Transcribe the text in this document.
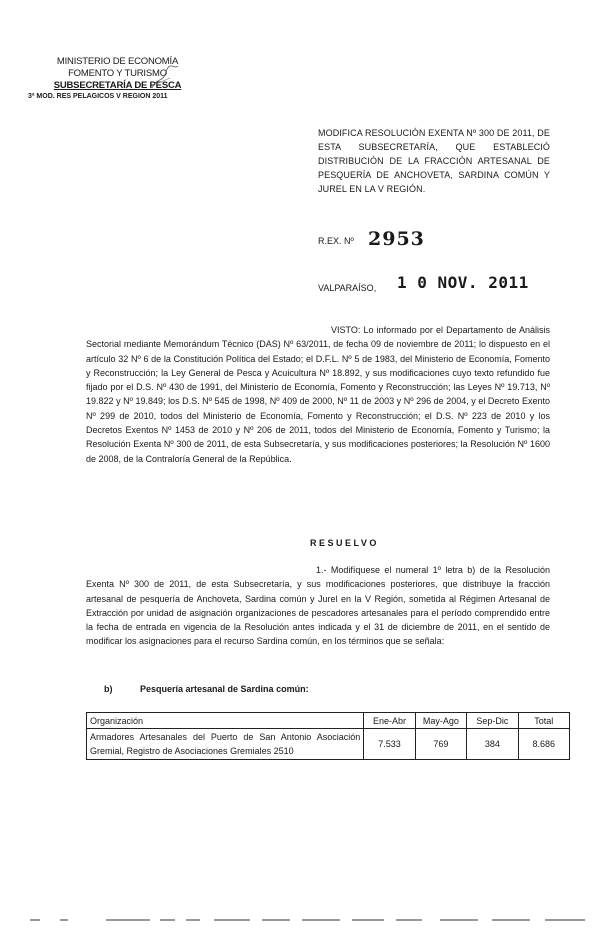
MINISTERIO DE ECONOMÍA
FOMENTO Y TURISMO
SUBSECRETARÍA DE PESCA
3ª MOD. RES PELAGICOS V REGION 2011
MODIFICA RESOLUCIÓN EXENTA Nº 300 DE 2011, DE ESTA SUBSECRETARÍA, QUE ESTABLECIÓ DISTRIBUCIÓN DE LA FRACCIÓN ARTESANAL DE PESQUERÍA DE ANCHOVETA, SARDINA COMÚN Y JUREL EN LA V REGIÓN.
R.EX. Nº 2953
VALPARAÍSO, 1 0 NOV. 2011
VISTO: Lo informado por el Departamento de Análisis Sectorial mediante Memorándum Técnico (DAS) Nº 63/2011, de fecha 09 de noviembre de 2011; lo dispuesto en el artículo 32 Nº 6 de la Constitución Política del Estado; el D.F.L. Nº 5 de 1983, del Ministerio de Economía, Fomento y Reconstrucción; la Ley General de Pesca y Acuicultura Nº 18.892, y sus modificaciones cuyo texto refundido fue fijado por el D.S. Nº 430 de 1991, del Ministerio de Economía, Fomento y Reconstrucción; las Leyes Nº 19.713, Nº 19.822 y Nº 19.849; los D.S. Nº 545 de 1998, Nº 409 de 2000, Nº 11 de 2003 y Nº 296 de 2004, y el Decreto Exento Nº 299 de 2010, todos del Ministerio de Economía, Fomento y Reconstrucción; el D.S. Nº 223 de 2010 y los Decretos Exentos Nº 1453 de 2010 y Nº 206 de 2011, todos del Ministerio de Economía, Fomento y Turismo; la Resolución Exenta Nº 300 de 2011, de esta Subsecretaría, y sus modificaciones posteriores; la Resolución Nº 1600 de 2008, de la Contraloría General de la República.
RESUELVO
1.- Modifíquese el numeral 1º letra b) de la Resolución Exenta Nº 300 de 2011, de esta Subsecretaría, y sus modificaciones posteriores, que distribuye la fracción artesanal de pesquería de Anchoveta, Sardina común y Jurel en la V Región, sometida al Régimen Artesanal de Extracción por unidad de asignación organizaciones de pescadores artesanales para el período comprendido entre la fecha de entrada en vigencia de la Resolución antes indicada y el 31 de diciembre de 2011, en el sentido de modificar los asignaciones para el recurso Sardina común, en los términos que se señala:
b)	Pesquería artesanal de Sardina común:
Organización	Ene-Abr	May-Ago	Sep-Dic	Total
Armadores Artesanales del Puerto de San Antonio Asociación Gremial, Registro de Asociaciones Gremiales 2510	7.533	769	384	8.686
